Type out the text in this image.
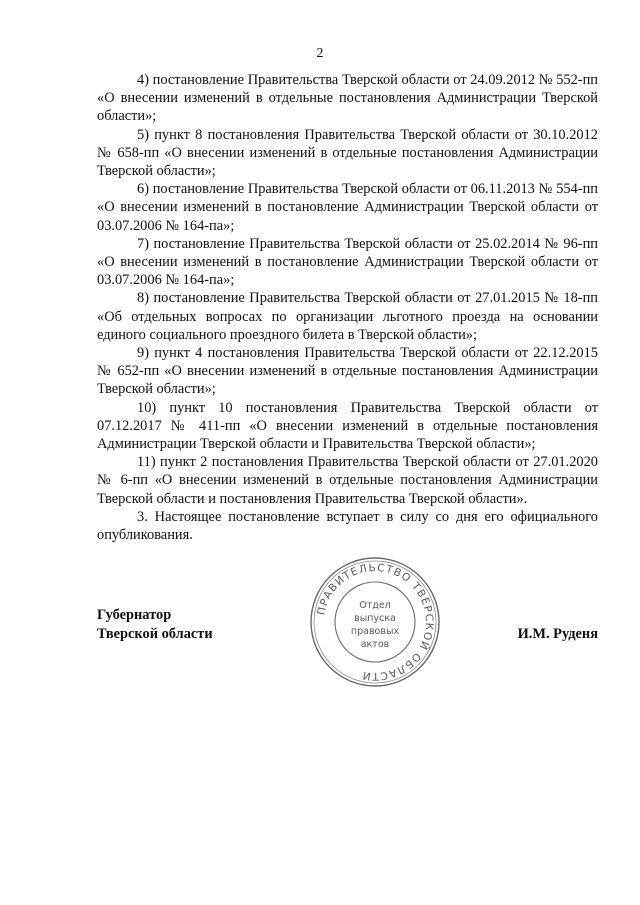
2

4) постановление Правительства Тверской области от 24.09.2012 № 552-пп «О внесении изменений в отдельные постановления Администрации Тверской области»;

5) пункт 8 постановления Правительства Тверской области от 30.10.2012 № 658-пп «О внесении изменений в отдельные постановления Администрации Тверской области»;

6) постановление Правительства Тверской области от 06.11.2013 № 554-пп «О внесении изменений в постановление Администрации Тверской области от 03.07.2006 № 164-па»;

7) постановление Правительства Тверской области от 25.02.2014 № 96-пп «О внесении изменений в постановление Администрации Тверской области от 03.07.2006 № 164-па»;

8) постановление Правительства Тверской области от 27.01.2015 № 18-пп «Об отдельных вопросах по организации льготного проезда на основании единого социального проездного билета в Тверской области»;

9) пункт 4 постановления Правительства Тверской области от 22.12.2015 № 652-пп «О внесении изменений в отдельные постановления Администрации Тверской области»;

10) пункт 10 постановления Правительства Тверской области от 07.12.2017 № 411-пп «О внесении изменений в отдельные постановления Администрации Тверской области и Правительства Тверской области»;

11) пункт 2 постановления Правительства Тверской области от 27.01.2020 № 6-пп «О внесении изменений в отдельные постановления Администрации Тверской области и постановления Правительства Тверской области».

3. Настоящее постановление вступает в силу со дня его официального опубликования.

Губернатор
Тверской области	И.М. Руденя
ПРАВИТЕЛЬСТВО ТВЕРСКОЙ ОБЛАСТИ
Отдел
выпуска
правовых
актов
